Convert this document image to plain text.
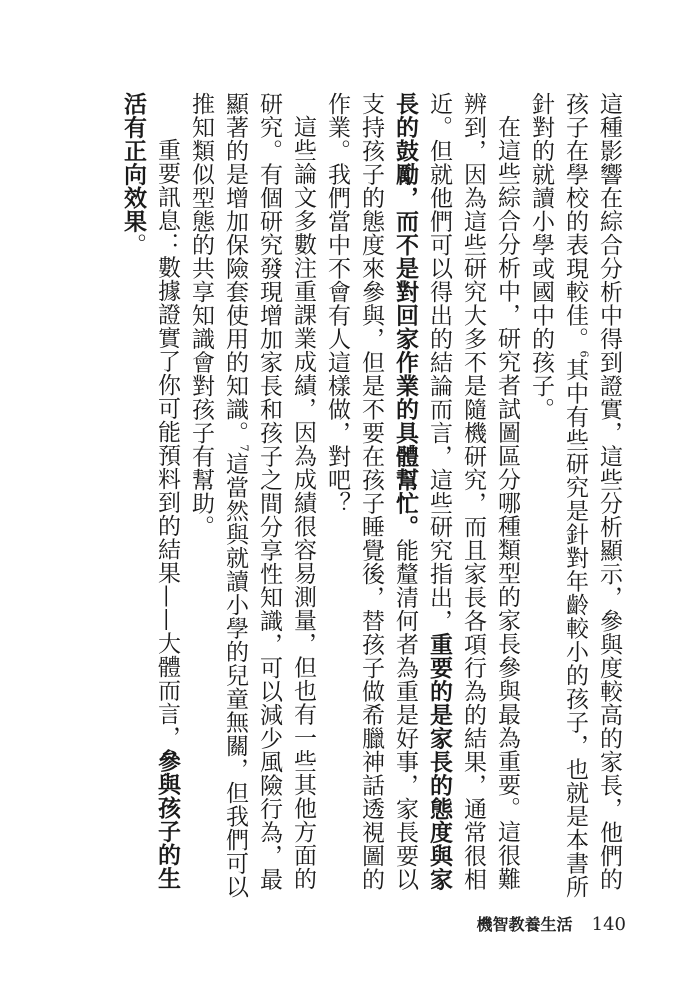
這種影響在綜合分析中得到證實，這些分析顯示，參與度較高的家長，他們的孩子在學校的表現較佳。$^6$其中有些研究是針對年齡較小的孩子，也就是本書所針對的就讀小學或國中的孩子。

在這些綜合分析中，研究者試圖區分哪種類型的家長參與最為重要。這很難辨到，因為這些研究大多不是隨機研究，而且家長各項行為的結果，通常很相近。但就他們可以得出的結論而言，這些研究指出，重要的是家長的態度與家長的鼓勵，而不是對回家作業的具體幫忙。能釐清何者為重是好事，家長要以支持孩子的態度來參與，但是不要在孩子睡覺後，替孩子做希臘神話透視圖的作業。我們當中不會有人這樣做，對吧？

這些論文多數注重課業成績，因為成績很容易測量，但也有一些其他方面的研究。有個研究發現增加家長和孩子之間分享性知識，可以減少風險行為，最顯著的是增加保險套使用的知識。$^7$這當然與就讀小學的兒童無關，但我們可以推知類似型態的共享知識會對孩子有幫助。

重要訊息：數據證實了你可能預料到的結果——大體而言，參與孩子的生活有正向效果。

機智教養生活 140
